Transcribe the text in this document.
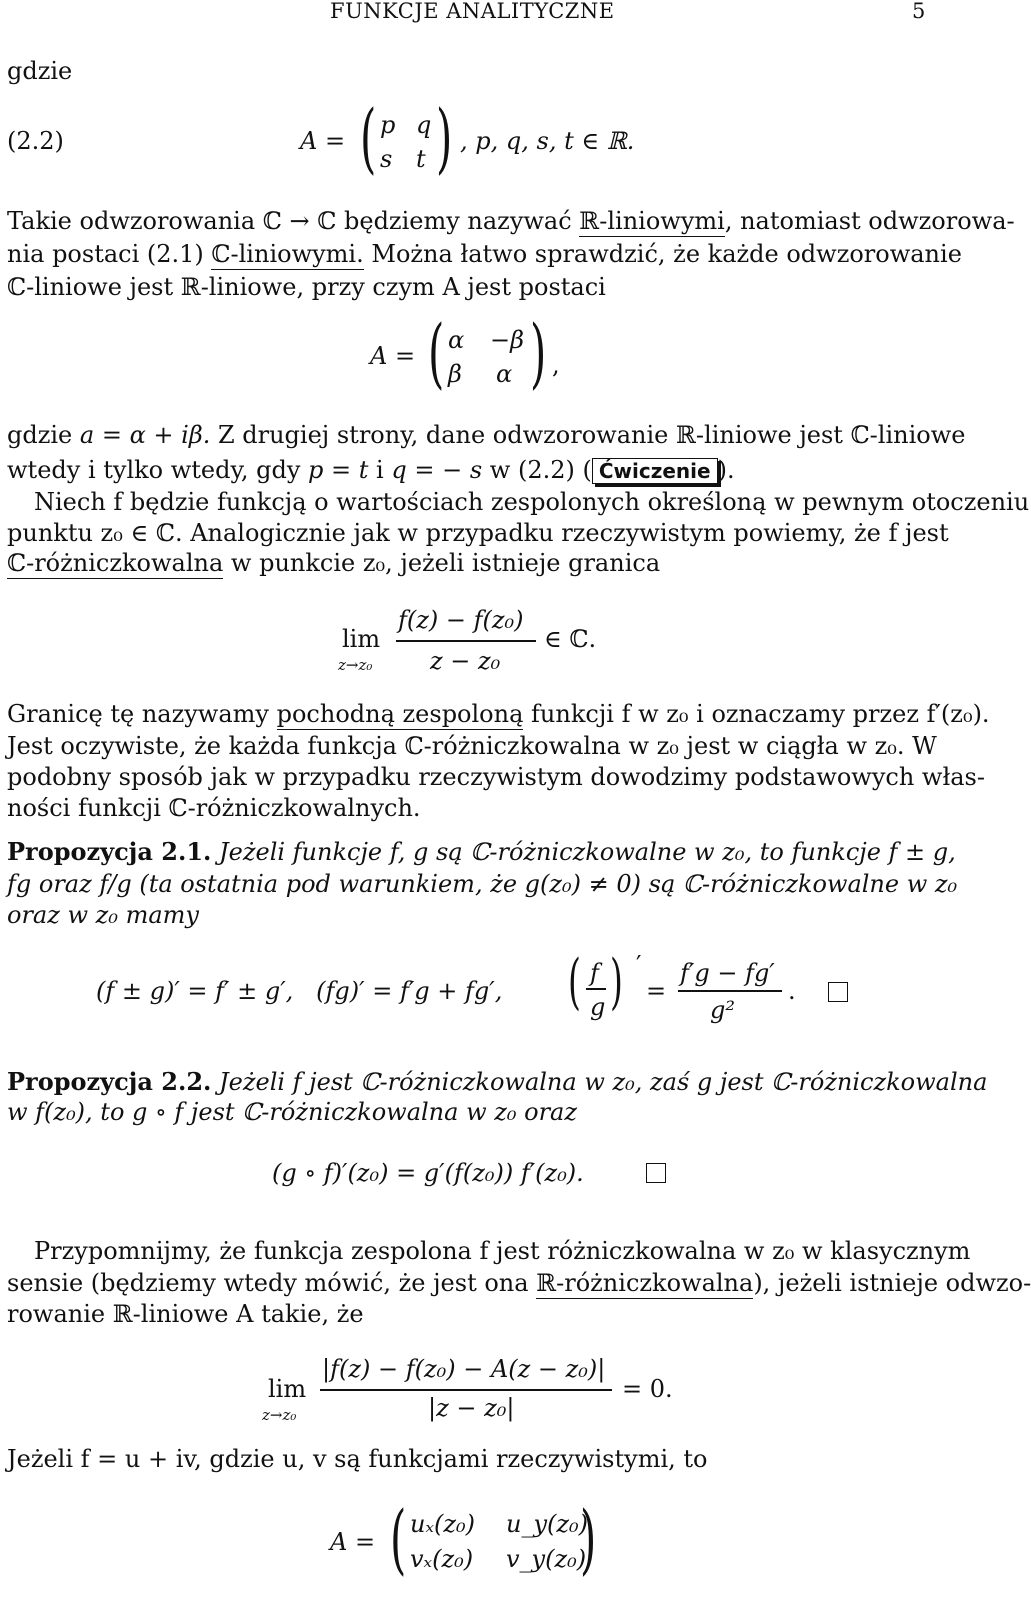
FUNKCJE ANALITYCZNE	5
gdzie
(2.2)	A = ( p q
s t ) , p, q, s, t ∈ ℝ.
Takie odwzorowania ℂ → ℂ będziemy nazywać ℝ-liniowymi, natomiast odwzorowa-
nia postaci (2.1) ℂ-liniowymi. Można łatwo sprawdzić, że każde odwzorowanie
ℂ-liniowe jest ℝ-liniowe, przy czym A jest postaci
A = ( α −β
β α ) ,
gdzie a = α + iβ. Z drugiej strony, dane odwzorowanie ℝ-liniowe jest ℂ-liniowe
wtedy i tylko wtedy, gdy p = t i q = − s w (2.2) ( Ćwiczenie ).
Niech f będzie funkcją o wartościach zespolonych określoną w pewnym otoczeniu
punktu z₀ ∈ ℂ. Analogicznie jak w przypadku rzeczywistym powiemy, że f jest
ℂ-różniczkowalna w punkcie z₀, jeżeli istnieje granica
lim
z→z₀
f(z) − f(z₀)
z − z₀
∈ ℂ.
Granicę tę nazywamy pochodną zespoloną funkcji f w z₀ i oznaczamy przez f′(z₀).
Jest oczywiste, że każda funkcja ℂ-różniczkowalna w z₀ jest w ciągła w z₀. W
podobny sposób jak w przypadku rzeczywistym dowodzimy podstawowych włas-
ności funkcji ℂ-różniczkowalnych.
Propozycja 2.1. Jeżeli funkcje f, g są ℂ-różniczkowalne w z₀, to funkcje f ± g,
fg oraz f/g (ta ostatnia pod warunkiem, że g(z₀) ≠ 0) są ℂ-różniczkowalne w z₀
oraz w z₀ mamy
(f ± g)′ = f′ ± g′,   (fg)′ = f′g + fg′, ( f
g ) ′
=
f′g − fg′
g²
.
Propozycja 2.2. Jeżeli f jest ℂ-różniczkowalna w z₀, zaś g jest ℂ-różniczkowalna
w f(z₀), to g ∘ f jest ℂ-różniczkowalna w z₀ oraz
(g ∘ f)′(z₀) = g′(f(z₀)) f′(z₀).
Przypomnijmy, że funkcja zespolona f jest różniczkowalna w z₀ w klasycznym
sensie (będziemy wtedy mówić, że jest ona ℝ-różniczkowalna), jeżeli istnieje odwzo-
rowanie ℝ-liniowe A takie, że
lim
z→z₀
|f(z) − f(z₀) − A(z − z₀)|
|z − z₀|
= 0.
Jeżeli f = u + iv, gdzie u, v są funkcjami rzeczywistymi, to
A = ( uₓ(z₀) u_y(z₀)
vₓ(z₀) v_y(z₀)
)
